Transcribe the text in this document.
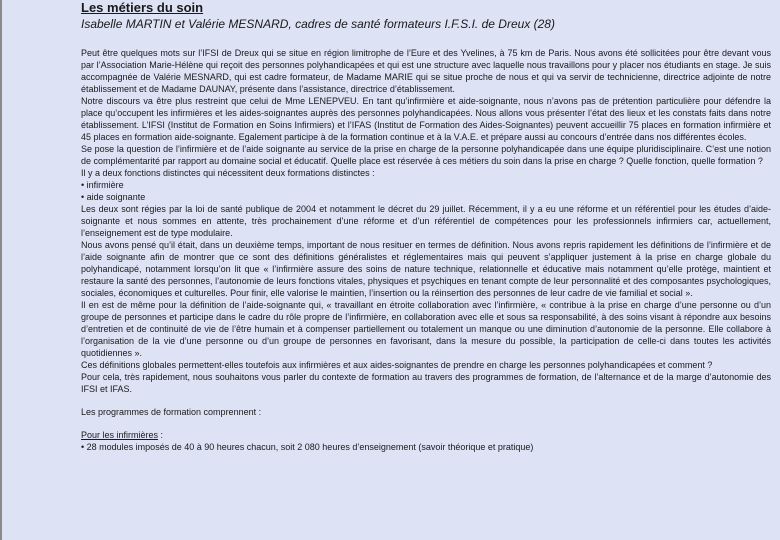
Les métiers du soin
Isabelle MARTIN et Valérie MESNARD, cadres de santé formateurs I.F.S.I. de Dreux (28)

Peut être quelques mots sur l’IFSI de Dreux qui se situe en région limitrophe de l’Eure et des Yvelines, à 75 km de Paris. Nous avons été sollicitées pour être devant vous par l’Association Marie-Hélène qui reçoit des personnes polyhandicapées et qui est une structure avec laquelle nous travaillons pour y placer nos étudiants en stage. Je suis accompagnée de Valérie MESNARD, qui est cadre formateur, de Madame MARIE qui se situe proche de nous et qui va servir de technicienne, directrice adjointe de notre établissement et de Madame DAUNAY, présente dans l’assistance, directrice d’établissement.

Notre discours va être plus restreint que celui de Mme LENEPVEU. En tant qu’infirmière et aide-soignante, nous n’avons pas de prétention particulière pour défendre la place qu’occupent les infirmières et les aides-soignantes auprès des personnes polyhandicapées. Nous allons vous présenter l’état des lieux et les constats faits dans notre établissement. L’IFSI (Institut de Formation en Soins Infirmiers) et l’IFAS (Institut de Formation des Aides-Soignantes) peuvent accueillir 75 places en formation infirmière et 45 places en formation aide-soignante. Egalement participe à de la formation continue et à la V.A.E. et prépare aussi au concours d’entrée dans nos différentes écoles.

Se pose la question de l’infirmière et de l’aide soignante au service de la prise en charge de la personne polyhandicapée dans une équipe pluridisciplinaire. C’est une notion de complémentarité par rapport au domaine social et éducatif. Quelle place est réservée à ces métiers du soin dans la prise en charge ? Quelle fonction, quelle formation ?

Il y a deux fonctions distinctes qui nécessitent deux formations distinctes :

• infirmière

• aide soignante

Les deux sont régies par la loi de santé publique de 2004 et notamment le décret du 29 juillet. Récemment, il y a eu une réforme et un référentiel pour les études d’aide-soignante et nous sommes en attente, très prochainement d’une réforme et d’un référentiel de compétences pour les professionnels infirmiers car, actuellement, l’enseignement est de type modulaire.

Nous avons pensé qu’il était, dans un deuxième temps, important de nous resituer en termes de définition. Nous avons repris rapidement les définitions de l’infirmière et de l’aide soignante afin de montrer que ce sont des définitions généralistes et réglementaires mais qui peuvent s’appliquer justement à la prise en charge globale du polyhandicapé, notamment lorsqu’on lit que « l’infirmière assure des soins de nature technique, relationnelle et éducative mais notamment qu’elle protège, maintient et restaure la santé des personnes, l’autonomie de leurs fonctions vitales, physiques et psychiques en tenant compte de leur personnalité et des composantes psychologiques, sociales, économiques et culturelles. Pour finir, elle valorise le maintien, l’insertion ou la réinsertion des personnes de leur cadre de vie familial et social ».

Il en est de même pour la définition de l’aide-soignante qui, « travaillant en étroite collaboration avec l’infirmière, « contribue à la prise en charge d’une personne ou d’un groupe de personnes et participe dans le cadre du rôle propre de l’infirmière, en collaboration avec elle et sous sa responsabilité, à des soins visant à répondre aux besoins d’entretien et de continuité de vie de l’être humain et à compenser partiellement ou totalement un manque ou une diminution d’autonomie de la personne. Elle collabore à l’organisation de la vie d’une personne ou d’un groupe de personnes en favorisant, dans la mesure du possible, la participation de celle-ci dans toutes les activités quotidiennes ».

Ces définitions globales permettent-elles toutefois aux infirmières et aux aides-soignantes de prendre en charge les personnes polyhandicapées et comment ?

Pour cela, très rapidement, nous souhaitons vous parler du contexte de formation au travers des programmes de formation, de l’alternance et de la marge d’autonomie des IFSI et IFAS.

Les programmes de formation comprennent :

Pour les infirmières :

• 28 modules imposés de 40 à 90 heures chacun, soit 2 080 heures d’enseignement (savoir théorique et pratique)
